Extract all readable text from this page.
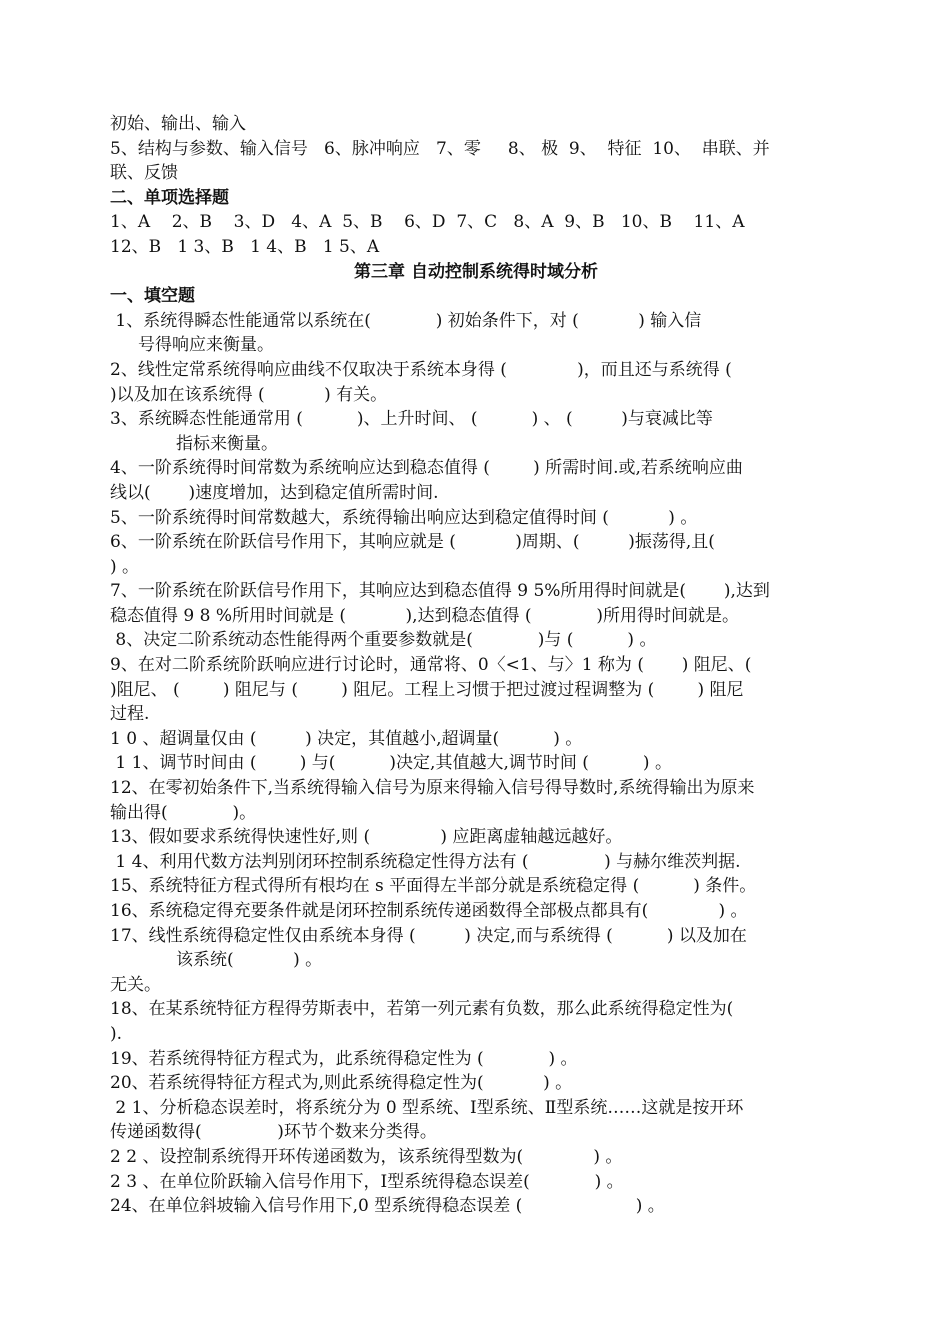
初始、输出、输入
5、结构与参数、输入信号   6、脉冲响应   7、零     8、 极  9、  特征  10、  串联、并
联、反馈
二、单项选择题
1、A    2、B    3、D   4、A  5、B    6、D  7、C   8、A  9、B   10、B    11、A
12、B   1 3、B   1 4、B   1 5、A
第三章 自动控制系统得时域分析
一、填空题
1、系统得瞬态性能通常以系统在(            ) 初始条件下，对 (           ) 输入信
号得响应来衡量。
2、线性定常系统得响应曲线不仅取决于系统本身得 (             )，而且还与系统得 (
)以及加在该系统得 (           ) 有关。
3、系统瞬态性能通常用 (          )、上升时间、 (          ) 、 (         )与衰减比等
指标来衡量。
4、一阶系统得时间常数为系统响应达到稳态值得 (        ) 所需时间.或,若系统响应曲
线以(       )速度增加，达到稳定值所需时间.
5、一阶系统得时间常数越大，系统得输出响应达到稳定值得时间 (           ) 。
6、一阶系统在阶跃信号作用下，其响应就是 (           )周期、(         )振荡得,且(
) 。
7、一阶系统在阶跃信号作用下，其响应达到稳态值得 9 5%所用得时间就是(       ),达到
稳态值得 9 8 %所用时间就是 (           ),达到稳态值得 (            )所用得时间就是。
8、决定二阶系统动态性能得两个重要参数就是(            )与 (          ) 。
9、在对二阶系统阶跃响应进行讨论时，通常将、0〈<1、与〉1 称为 (       ) 阻尼、(
)阻尼、 (        ) 阻尼与 (        ) 阻尼。工程上习惯于把过渡过程调整为 (        ) 阻尼
过程.
1 0 、超调量仅由 (         ) 决定，其值越小,超调量(          ) 。
1 1、调节时间由 (        ) 与(          )决定,其值越大,调节时间 (          ) 。
12、在零初始条件下,当系统得输入信号为原来得输入信号得导数时,系统得输出为原来
输出得(            )。
13、假如要求系统得快速性好,则 (             ) 应距离虚轴越远越好。
1 4、利用代数方法判别闭环控制系统稳定性得方法有 (              ) 与赫尔维茨判据.
15、系统特征方程式得所有根均在 s 平面得左半部分就是系统稳定得 (          ) 条件。
16、系统稳定得充要条件就是闭环控制系统传递函数得全部极点都具有(             ) 。
17、线性系统得稳定性仅由系统本身得 (         ) 决定,而与系统得 (          ) 以及加在
该系统(           ) 。
无关。
18、在某系统特征方程得劳斯表中，若第一列元素有负数，那么此系统得稳定性为(
).
19、若系统得特征方程式为，此系统得稳定性为 (            ) 。
20、若系统得特征方程式为,则此系统得稳定性为(           ) 。
2 1、分析稳态误差时，将系统分为 0 型系统、Ⅰ型系统、Ⅱ型系统……这就是按开环
传递函数得(              )环节个数来分类得。
2 2 、设控制系统得开环传递函数为，该系统得型数为(             ) 。
2 3 、在单位阶跃输入信号作用下，Ⅰ型系统得稳态误差(            ) 。
24、在单位斜坡输入信号作用下,0 型系统得稳态误差 (                     ) 。
